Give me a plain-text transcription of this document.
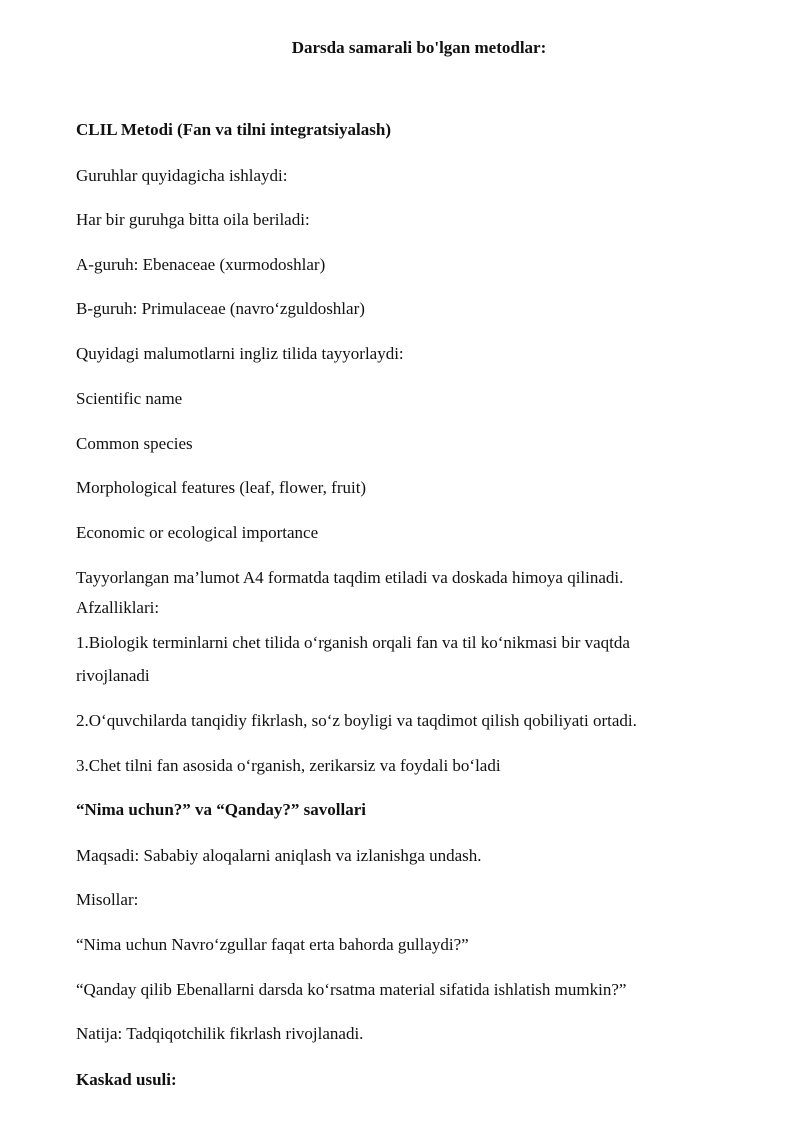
Darsda samarali bo'lgan metodlar:
CLIL Metodi (Fan va tilni integratsiyalash)
Guruhlar quyidagicha ishlaydi:
Har bir guruhga bitta oila beriladi:
A-guruh: Ebenaceae (xurmodoshlar)
B-guruh: Primulaceae (navro‘zguldoshlar)
Quyidagi malumotlarni ingliz tilida tayyorlaydi:
Scientific name
Common species
Morphological features (leaf, flower, fruit)
Economic or ecological importance
Tayyorlangan ma’lumot A4 formatda taqdim etiladi va doskada himoya qilinadi.
Afzalliklari:
1.Biologik terminlarni chet tilida o‘rganish orqali fan va til ko‘nikmasi bir vaqtda
rivojlanadi
2.O‘quvchilarda tanqidiy fikrlash, so‘z boyligi va taqdimot qilish qobiliyati ortadi.
3.Chet tilni fan asosida o‘rganish, zerikarsiz va foydali bo‘ladi
“Nima uchun?” va “Qanday?” savollari
Maqsadi: Sababiy aloqalarni aniqlash va izlanishga undash.
Misollar:
“Nima uchun Navro‘zgullar faqat erta bahorda gullaydi?”
“Qanday qilib Ebenallarni darsda ko‘rsatma material sifatida ishlatish mumkin?”
Natija: Tadqiqotchilik fikrlash rivojlanadi.
Kaskad usuli:
